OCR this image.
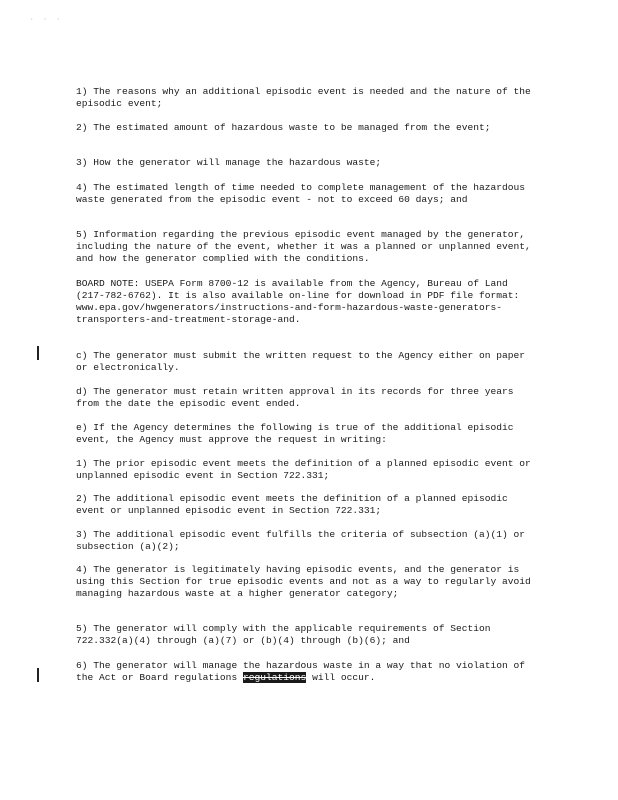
· · ·

1) The reasons why an additional episodic event is needed and the nature of the episodic event;

2) The estimated amount of hazardous waste to be managed from the event;

3) How the generator will manage the hazardous waste;

4) The estimated length of time needed to complete management of the hazardous waste generated from the episodic event - not to exceed 60 days; and

5) Information regarding the previous episodic event managed by the generator, including the nature of the event, whether it was a planned or unplanned event, and how the generator complied with the conditions.

BOARD NOTE: USEPA Form 8700-12 is available from the Agency, Bureau of Land (217-782-6762). It is also available on-line for download in PDF file format:
www.epa.gov/hwgenerators/instructions-and-form-hazardous-waste-generators-transporters-and-treatment-storage-and.

c) The generator must submit the written request to the Agency either on paper or electronically.

d) The generator must retain written approval in its records for three years from the date the episodic event ended.

e) If the Agency determines the following is true of the additional episodic event, the Agency must approve the request in writing:

1) The prior episodic event meets the definition of a planned episodic event or unplanned episodic event in Section 722.331;

2) The additional episodic event meets the definition of a planned episodic event or unplanned episodic event in Section 722.331;

3) The additional episodic event fulfills the criteria of subsection (a)(1) or subsection (a)(2);

4) The generator is legitimately having episodic events, and the generator is using this Section for true episodic events and not as a way to regularly avoid managing hazardous waste at a higher generator category;

5) The generator will comply with the applicable requirements of Section 722.332(a)(4) through (a)(7) or (b)(4) through (b)(6); and

6) The generator will manage the hazardous waste in a way that no violation of the Act or Board regulations regulations will occur.
